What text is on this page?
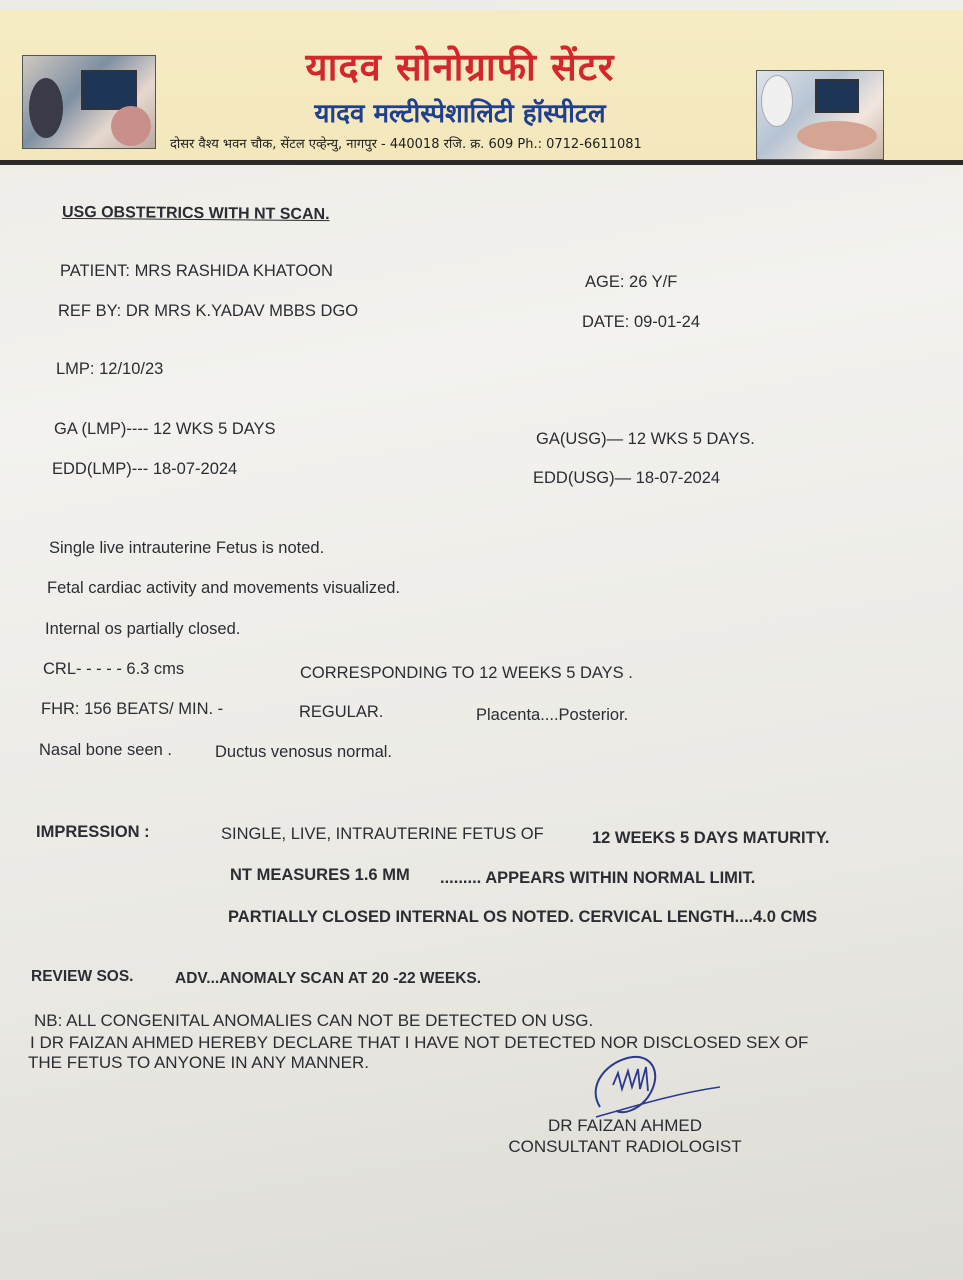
यादव सोनोग्राफी सेंटर
यादव मल्टीस्पेशालिटी हॉस्पीटल
दोसर वैश्य भवन चौक, सेंटल एव्हेन्यु, नागपुर - 440018 रजि. क्र. 609 Ph.: 0712-6611081
USG OBSTETRICS WITH NT SCAN.
PATIENT: MRS RASHIDA KHATOON
AGE: 26 Y/F
REF BY: DR MRS K.YADAV MBBS DGO
DATE: 09-01-24
LMP: 12/10/23
GA (LMP)---- 12 WKS 5 DAYS
GA(USG)— 12 WKS 5 DAYS.
EDD(LMP)--- 18-07-2024	EDD(USG)— 18-07-2024
Single live intrauterine Fetus is noted.
Fetal cardiac activity and movements visualized.
Internal os partially closed.
CRL- - - - - 6.3 cms	CORRESPONDING TO 12 WEEKS 5 DAYS .
FHR: 156 BEATS/ MIN. -	REGULAR.	Placenta....Posterior.
Nasal bone seen .	Ductus venosus normal.
IMPRESSION :	SINGLE, LIVE, INTRAUTERINE FETUS OF	12 WEEKS 5 DAYS MATURITY.
NT MEASURES 1.6 MM ......... APPEARS WITHIN NORMAL LIMIT.
PARTIALLY CLOSED INTERNAL OS NOTED. CERVICAL LENGTH....4.0 CMS
REVIEW SOS.	ADV...ANOMALY SCAN AT 20 -22 WEEKS.
NB: ALL CONGENITAL ANOMALIES CAN NOT BE DETECTED ON USG.
I DR FAIZAN AHMED HEREBY DECLARE THAT I HAVE NOT DETECTED NOR DISCLOSED SEX OF
THE FETUS TO ANYONE IN ANY MANNER.
DR FAIZAN AHMED
CONSULTANT RADIOLOGIST
